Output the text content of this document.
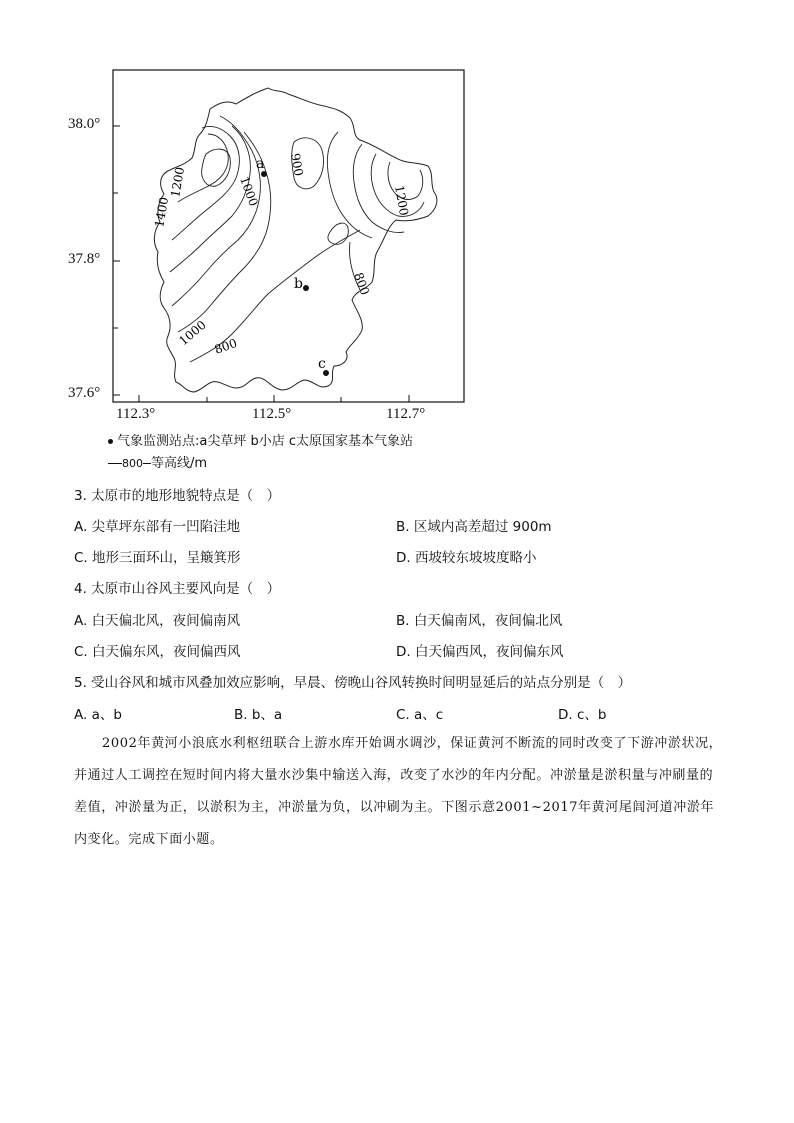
900
1200	1000
1400
800
1200
1000 800
a
b
c
38.0°
37.8°
37.6°
112.3°	112.5°	112.7°
气象监测站点:a尖草坪 b小店 c太原国家基本气象站
800 等高线/m
3. 太原市的地形地貌特点是（　）
A. 尖草坪东部有一凹陷洼地	B. 区域内高差超过 900m
C. 地形三面环山，呈簸箕形	D. 西坡较东坡坡度略小
4. 太原市山谷风主要风向是（　）
A. 白天偏北风，夜间偏南风	B. 白天偏南风，夜间偏北风
C. 白天偏东风，夜间偏西风	D. 白天偏西风，夜间偏东风
5. 受山谷风和城市风叠加效应影响，早晨、傍晚山谷风转换时间明显延后的站点分别是（　）
A. a、b	B. b、a	C. a、c	D. c、b

2002年黄河小浪底水利枢纽联合上游水库开始调水调沙，保证黄河不断流的同时改变了下游冲淤状况，并通过人工调控在短时间内将大量水沙集中输送入海，改变了水沙的年内分配。冲淤量是淤积量与冲刷量的差值，冲淤量为正，以淤积为主，冲淤量为负，以冲刷为主。下图示意2001~2017年黄河尾闾河道冲淤年内变化。完成下面小题。
